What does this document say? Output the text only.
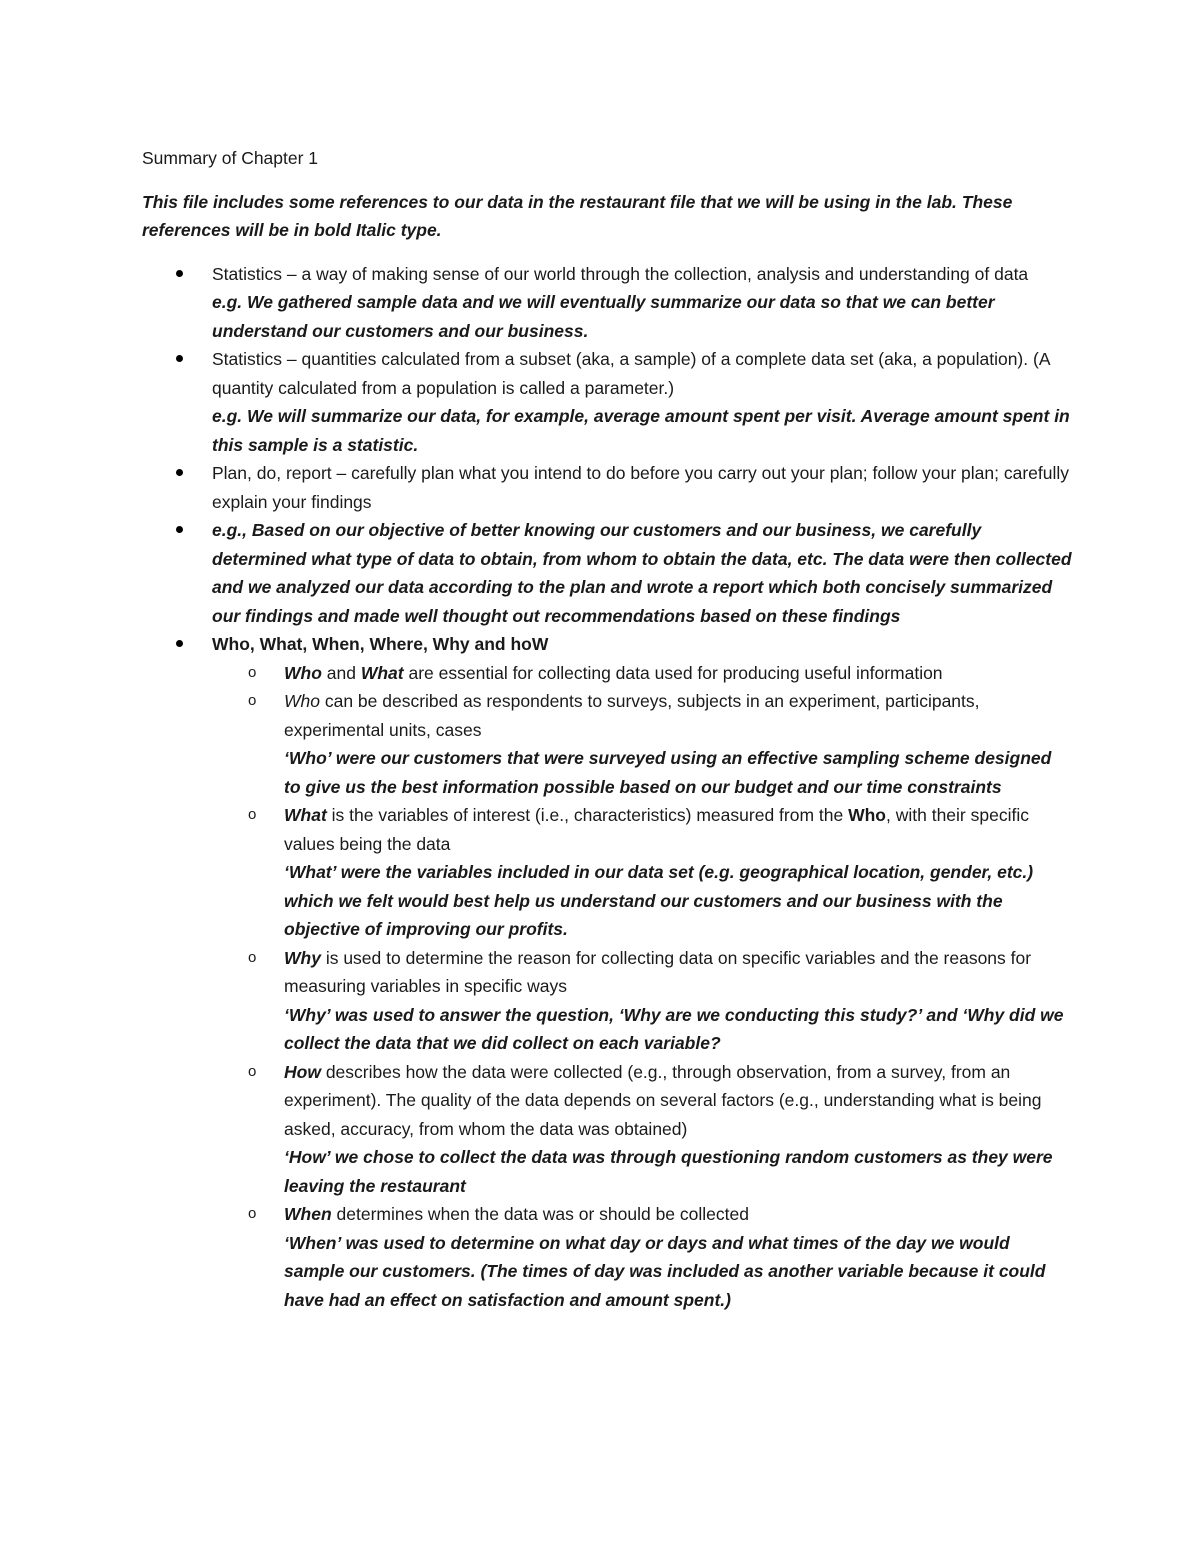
Summary of Chapter 1
This file includes some references to our data in the restaurant file that we will be using in the lab. These references will be in bold Italic type.
Statistics – a way of making sense of our world through the collection, analysis and understanding of data
e.g. We gathered sample data and we will eventually summarize our data so that we can better understand our customers and our business.
Statistics – quantities calculated from a subset (aka, a sample) of a complete data set (aka, a population). (A quantity calculated from a population is called a parameter.)
e.g. We will summarize our data, for example, average amount spent per visit. Average amount spent in this sample is a statistic.
Plan, do, report – carefully plan what you intend to do before you carry out your plan; follow your plan; carefully explain your findings
e.g., Based on our objective of better knowing our customers and our business, we carefully determined what type of data to obtain, from whom to obtain the data, etc. The data were then collected and we analyzed our data according to the plan and wrote a report which both concisely summarized our findings and made well thought out recommendations based on these findings
Who, What, When, Where, Why and hoW
o Who and What are essential for collecting data used for producing useful information
o Who can be described as respondents to surveys, subjects in an experiment, participants, experimental units, cases
‘Who’ were our customers that were surveyed using an effective sampling scheme designed to give us the best information possible based on our budget and our time constraints
o What is the variables of interest (i.e., characteristics) measured from the Who, with their specific values being the data
‘What’ were the variables included in our data set (e.g. geographical location, gender, etc.) which we felt would best help us understand our customers and our business with the objective of improving our profits.
o Why is used to determine the reason for collecting data on specific variables and the reasons for measuring variables in specific ways
‘Why’ was used to answer the question, ‘Why are we conducting this study?’ and ‘Why did we collect the data that we did collect on each variable?
o How describes how the data were collected (e.g., through observation, from a survey, from an experiment). The quality of the data depends on several factors (e.g., understanding what is being asked, accuracy, from whom the data was obtained)
‘How’ we chose to collect the data was through questioning random customers as they were leaving the restaurant
o When determines when the data was or should be collected
‘When’ was used to determine on what day or days and what times of the day we would sample our customers. (The times of day was included as another variable because it could have had an effect on satisfaction and amount spent.)
